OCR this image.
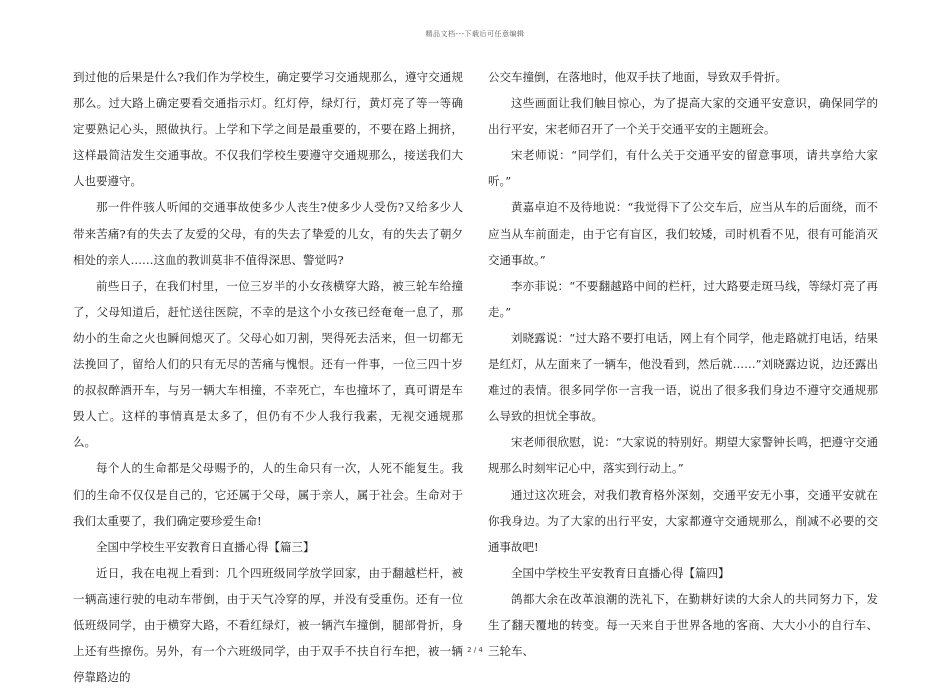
精品文档---下载后可任意编辑

到过他的后果是什么?我们作为学校生，确定要学习交通规那么，遵守交通规那么。过大路上确定要看交通指示灯。红灯停，绿灯行，黄灯亮了等一等确定要熟记心头，照做执行。上学和下学之间是最重要的，不要在路上拥挤，这样最简洁发生交通事故。不仅我们学校生要遵守交通规那么，接送我们大人也要遵守。

那一件件骇人听闻的交通事故使多少人丧生?使多少人受伤?又给多少人带来苦痛?有的失去了友爱的父母，有的失去了挚爱的儿女，有的失去了朝夕相处的亲人……这血的教训莫非不值得深思、警觉吗?

前些日子，在我们村里，一位三岁半的小女孩横穿大路，被三轮车给撞了，父母知道后，赶忙送往医院，不幸的是这个小女孩已经奄奄一息了，那幼小的生命之火也瞬间熄灭了。父母心如刀割，哭得死去活来，但一切都无法挽回了，留给人们的只有无尽的苦痛与愧恨。还有一件事，一位三四十岁的叔叔醉酒开车，与另一辆大车相撞，不幸死亡，车也撞坏了，真可谓是车毁人亡。这样的事情真是太多了，但仍有不少人我行我素，无视交通规那么。

每个人的生命都是父母赐予的，人的生命只有一次，人死不能复生。我们的生命不仅仅是自己的，它还属于父母，属于亲人，属于社会。生命对于我们太重要了，我们确定要珍爱生命!

全国中学校生平安教育日直播心得【篇三】

近日，我在电视上看到：几个四班级同学放学回家，由于翻越栏杆，被一辆高速行驶的电动车带倒，由于天气冷穿的厚，并没有受重伤。还有一位低班级同学，由于横穿大路，不看红绿灯，被一辆汽车撞倒，腿部骨折，身上还有些擦伤。另外，有一个六班级同学，由于双手不扶自行车把，被一辆停靠路边的

公交车撞倒，在落地时，他双手扶了地面，导致双手骨折。

这些画面让我们触目惊心，为了提高大家的交通平安意识，确保同学的出行平安，宋老师召开了一个关于交通平安的主题班会。

宋老师说：“同学们，有什么关于交通平安的留意事项，请共享给大家听。”

黄嘉卓迫不及待地说：“我觉得下了公交车后，应当从车的后面绕，而不应当从车前面走，由于它有盲区，我们较矮，司时机看不见，很有可能消灭交通事故。”

李亦菲说：“不要翻越路中间的栏杆，过大路要走斑马线，等绿灯亮了再走。”

刘晓露说：“过大路不要打电话，网上有个同学，他走路就打电话，结果是红灯，从左面来了一辆车，他没看到，然后就……”刘晓露边说，边还露出难过的表情。很多同学你一言我一语，说出了很多我们身边不遵守交通规那么导致的担忧全事故。

宋老师很欣慰，说：“大家说的特别好。期望大家警钟长鸣，把遵守交通规那么时刻牢记心中，落实到行动上。”

通过这次班会，对我们教育格外深刻，交通平安无小事，交通平安就在你我身边。为了大家的出行平安，大家都遵守交通规那么，削减不必要的交通事故吧!

全国中学校生平安教育日直播心得【篇四】

鸽都大余在改革浪潮的洗礼下，在勤耕好读的大余人的共同努力下，发生了翻天覆地的转变。每一天来自于世界各地的客商、大大小小的自行车、三轮车、

2 / 4
